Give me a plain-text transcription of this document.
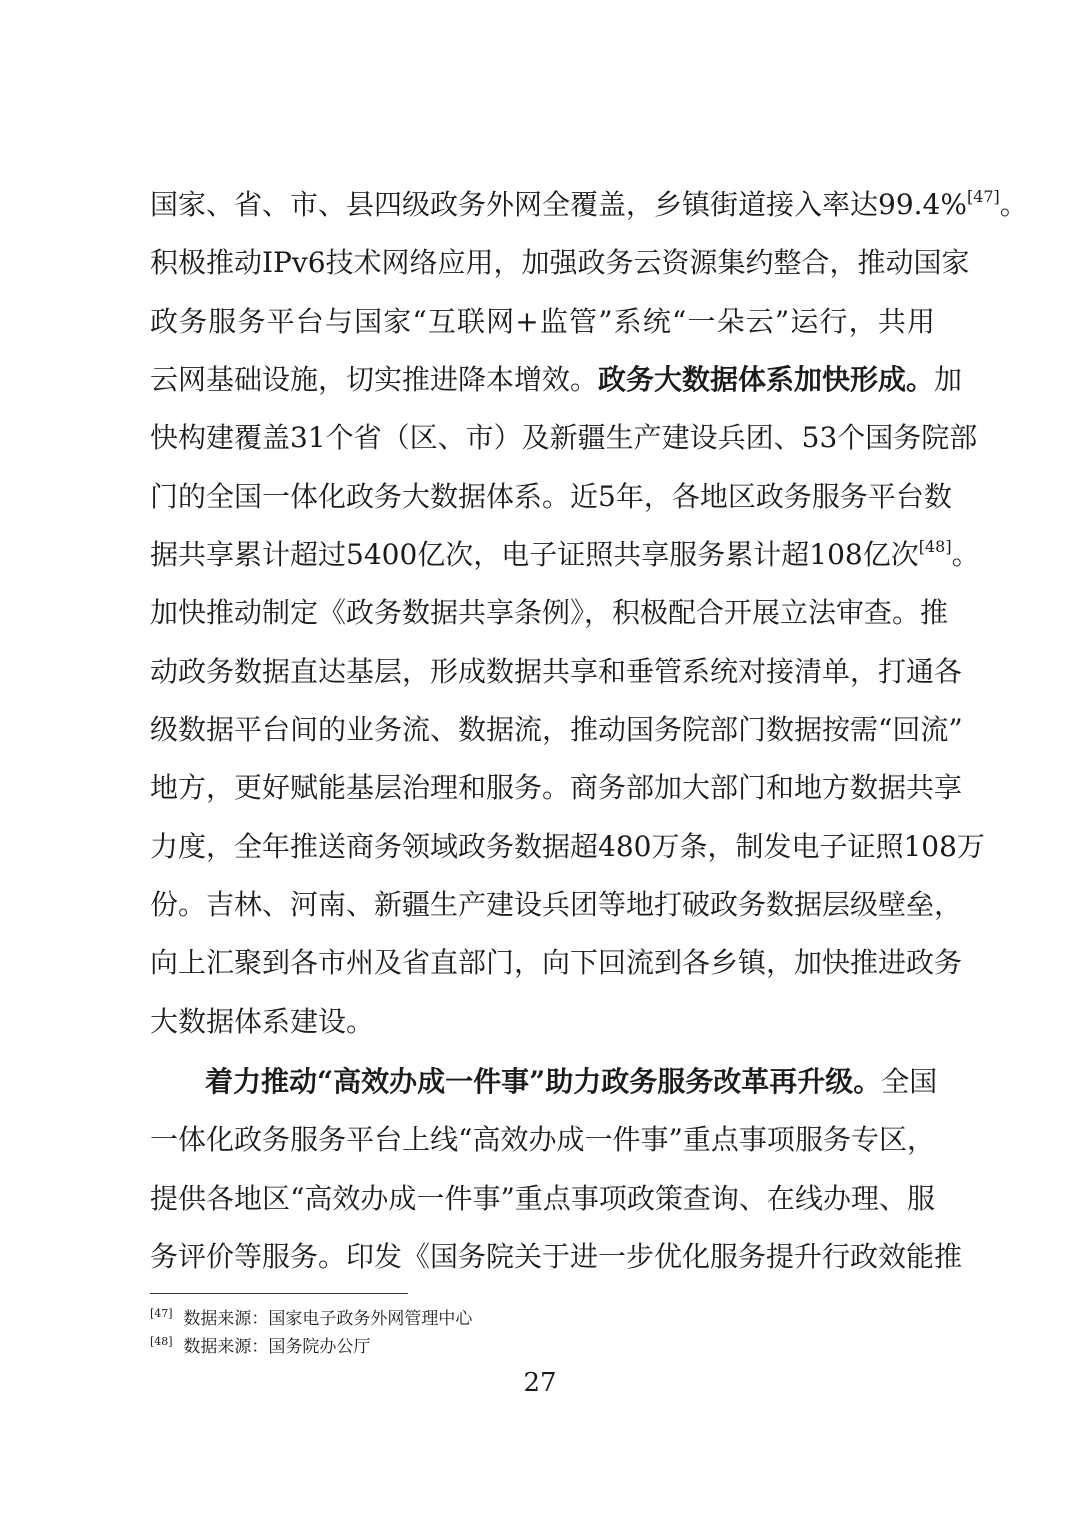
国家、省、市、县四级政务外网全覆盖，乡镇街道接入率达99.4%[47]。
积极推动IPv6技术网络应用，加强政务云资源集约整合，推动国家
政务服务平台与国家“互联网+监管”系统“一朵云”运行，共用
云网基础设施，切实推进降本增效。政务大数据体系加快形成。加
快构建覆盖31个省（区、市）及新疆生产建设兵团、53个国务院部
门的全国一体化政务大数据体系。近5年，各地区政务服务平台数
据共享累计超过5400亿次，电子证照共享服务累计超108亿次[48]。
加快推动制定《政务数据共享条例》，积极配合开展立法审查。推
动政务数据直达基层，形成数据共享和垂管系统对接清单，打通各
级数据平台间的业务流、数据流，推动国务院部门数据按需“回流”
地方，更好赋能基层治理和服务。商务部加大部门和地方数据共享
力度，全年推送商务领域政务数据超480万条，制发电子证照108万
份。吉林、河南、新疆生产建设兵团等地打破政务数据层级壁垒，
向上汇聚到各市州及省直部门，向下回流到各乡镇，加快推进政务
大数据体系建设。
着力推动“高效办成一件事”助力政务服务改革再升级。全国
一体化政务服务平台上线“高效办成一件事”重点事项服务专区，
提供各地区“高效办成一件事”重点事项政策查询、在线办理、服
务评价等服务。印发《国务院关于进一步优化服务提升行政效能推
[47] 数据来源：国家电子政务外网管理中心
[48] 数据来源：国务院办公厅
27
